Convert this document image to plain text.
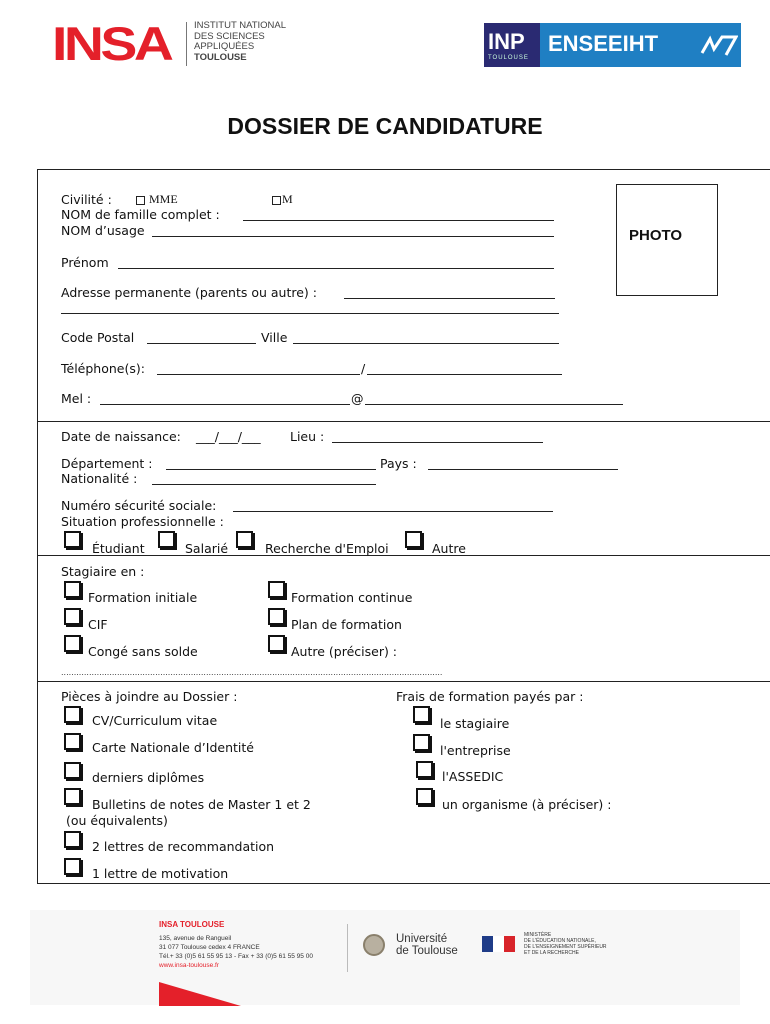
INSA INSTITUT NATIONAL
DES SCIENCES
APPLIQUÉES
TOULOUSE
INP
TOULOUSE
ENSEEIHT
DOSSIER DE CANDIDATURE
Civilité :	MME	M
NOM de famille complet :
NOM d’usage
Prénom
Adresse permanente (parents ou autre) :
Code Postal	Ville
Téléphone(s):	/
Mel :	@
PHOTO
Date de naissance: ___/___/___ Lieu :
Département :	Pays :
Nationalité :
Numéro sécurité sociale:
Situation professionnelle :
Étudiant	Salarié	Recherche d'Emploi	Autre
Stagiaire en :
Formation initiale
CIF
Congé sans solde
Formation continue
Plan de formation
Autre (préciser) :
......................................................................................................................................................
Pièces à joindre au Dossier :
CV/Curriculum vitae
Carte Nationale d’Identité
derniers diplômes
Bulletins de notes de Master 1 et 2
(ou équivalents)
2 lettres de recommandation
1 lettre de motivation
Frais de formation payés par :
le stagiaire
l'entreprise
l'ASSEDIC
un organisme (à préciser) :
INSA TOULOUSE
135, avenue de Rangueil
31 077 Toulouse cedex 4 FRANCE
Tél.+ 33 (0)5 61 55 95 13 - Fax + 33 (0)5 61 55 95 00
www.insa-toulouse.fr
Université
de Toulouse
MINISTÈRE
DE L'ÉDUCATION NATIONALE,
DE L'ENSEIGNEMENT SUPÉRIEUR
ET DE LA RECHERCHE
